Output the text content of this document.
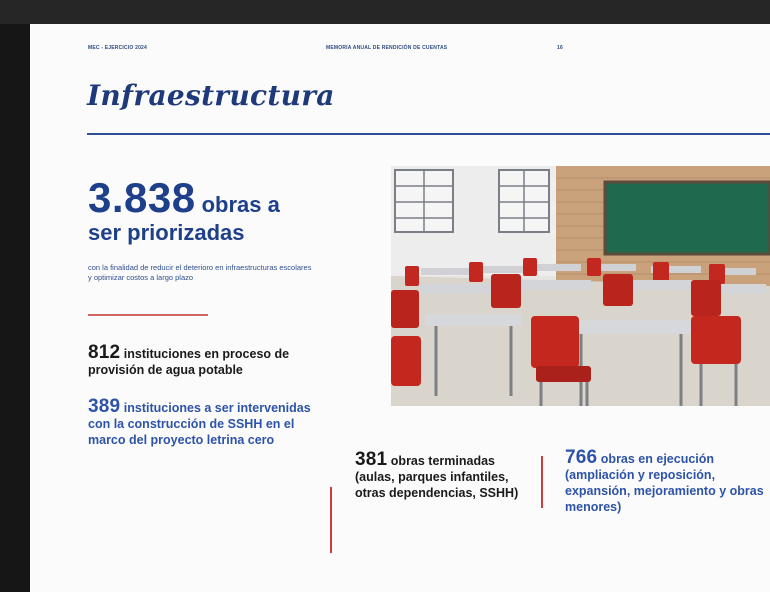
MEC - EJERCICIO 2024	MEMORIA ANUAL DE RENDICIÓN DE CUENTAS	16
Infraestructura
3.838 obras a
ser priorizadas
con la finalidad de reducir el deterioro en infraestructuras escolares y optimizar costos a largo plazo
812 instituciones en proceso de provisión de agua potable
389 instituciones a ser intervenidas con la construcción de SSHH en el marco del proyecto letrina cero
381 obras terminadas (aulas, parques infantiles, otras dependencias, SSHH)
766 obras en ejecución (ampliación y reposición, expansión, mejoramiento y obras menores)
